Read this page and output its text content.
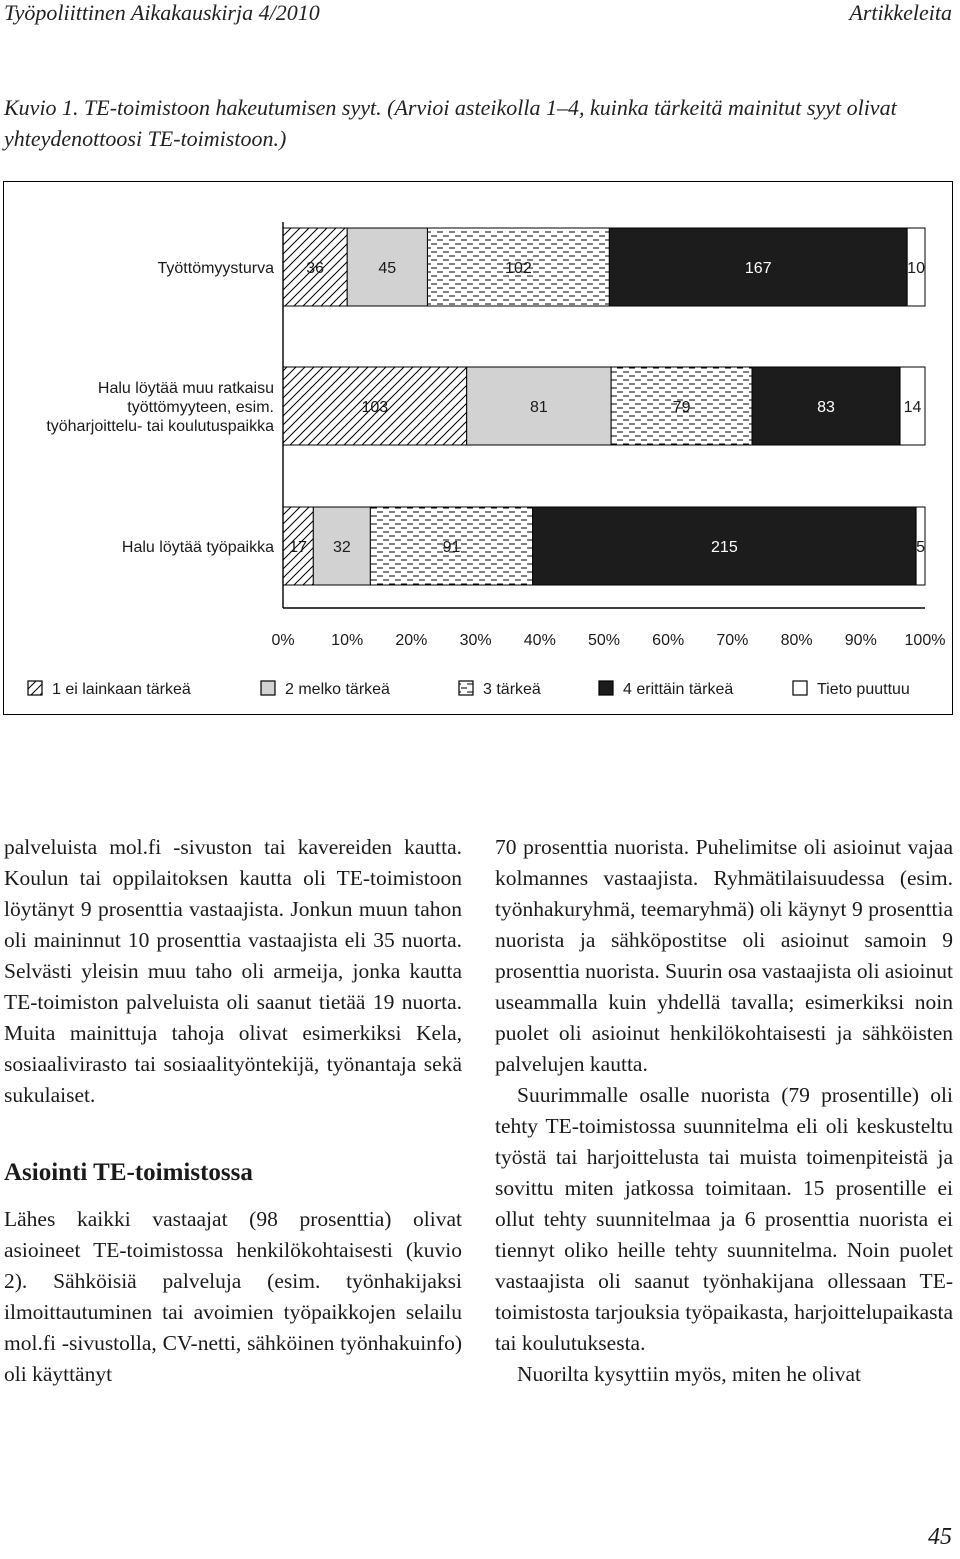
Työpoliittinen Aikakauskirja 4/2010	Artikkeleita
Kuvio 1. TE-toimistoon hakeutumisen syyt. (Arvioi asteikolla 1–4, kuinka tärkeitä mainitut syyt olivat yhteydenottoosi TE-toimistoon.)
36	45	102	167	10
Työttömyysturva
103	81	79	83	14
Halu löytää muu ratkaisu
työttömyyteen, esim.
työharjoittelu- tai koulutuspaikka
17 32	91	215	5
Halu löytää työpaikka
0% 10% 20% 30% 40% 50% 60% 70% 80% 90% 100%
1 ei lainkaan tärkeä	2 melko tärkeä	3 tärkeä	4 erittäin tärkeä	Tieto puuttuu

palveluista mol.fi -sivuston tai kavereiden kautta. Koulun tai oppilaitoksen kautta oli TE-toimistoon löytänyt 9 prosenttia vastaajista. Jonkun muun tahon oli maininnut 10 prosenttia vastaajista eli 35 nuorta. Selvästi yleisin muu taho oli armeija, jonka kautta TE-toimiston palveluista oli saanut tietää 19 nuorta. Muita mainittuja tahoja olivat esimerkiksi Kela, sosiaalivirasto tai sosiaalityöntekijä, työnantaja sekä sukulaiset.

Asiointi TE-toimistossa

Lähes kaikki vastaajat (98 prosenttia) olivat asioineet TE-toimistossa henkilökohtaisesti (kuvio 2). Sähköisiä palveluja (esim. työnhakijaksi ilmoittautuminen tai avoimien työpaikkojen selailu mol.fi -sivustolla, CV-netti, sähköinen työnhakuinfo) oli käyttänyt

70 prosenttia nuorista. Puhelimitse oli asioinut vajaa kolmannes vastaajista. Ryhmätilaisuudessa (esim. työnhakuryhmä, teemaryhmä) oli käynyt 9 prosenttia nuorista ja sähköpostitse oli asioinut samoin 9 prosenttia nuorista. Suurin osa vastaajista oli asioinut useammalla kuin yhdellä tavalla; esimerkiksi noin puolet oli asioinut henkilökohtaisesti ja sähköisten palvelujen kautta.

Suurimmalle osalle nuorista (79 prosentille) oli tehty TE-toimistossa suunnitelma eli oli keskusteltu työstä tai harjoittelusta tai muista toimenpiteistä ja sovittu miten jatkossa toimitaan. 15 prosentille ei ollut tehty suunnitelmaa ja 6 prosenttia nuorista ei tiennyt oliko heille tehty suunnitelma. Noin puolet vastaajista oli saanut työnhakijana ollessaan TE-toimistosta tarjouksia työpaikasta, harjoittelupaikasta tai koulutuksesta.

Nuorilta kysyttiin myös, miten he olivat

45
